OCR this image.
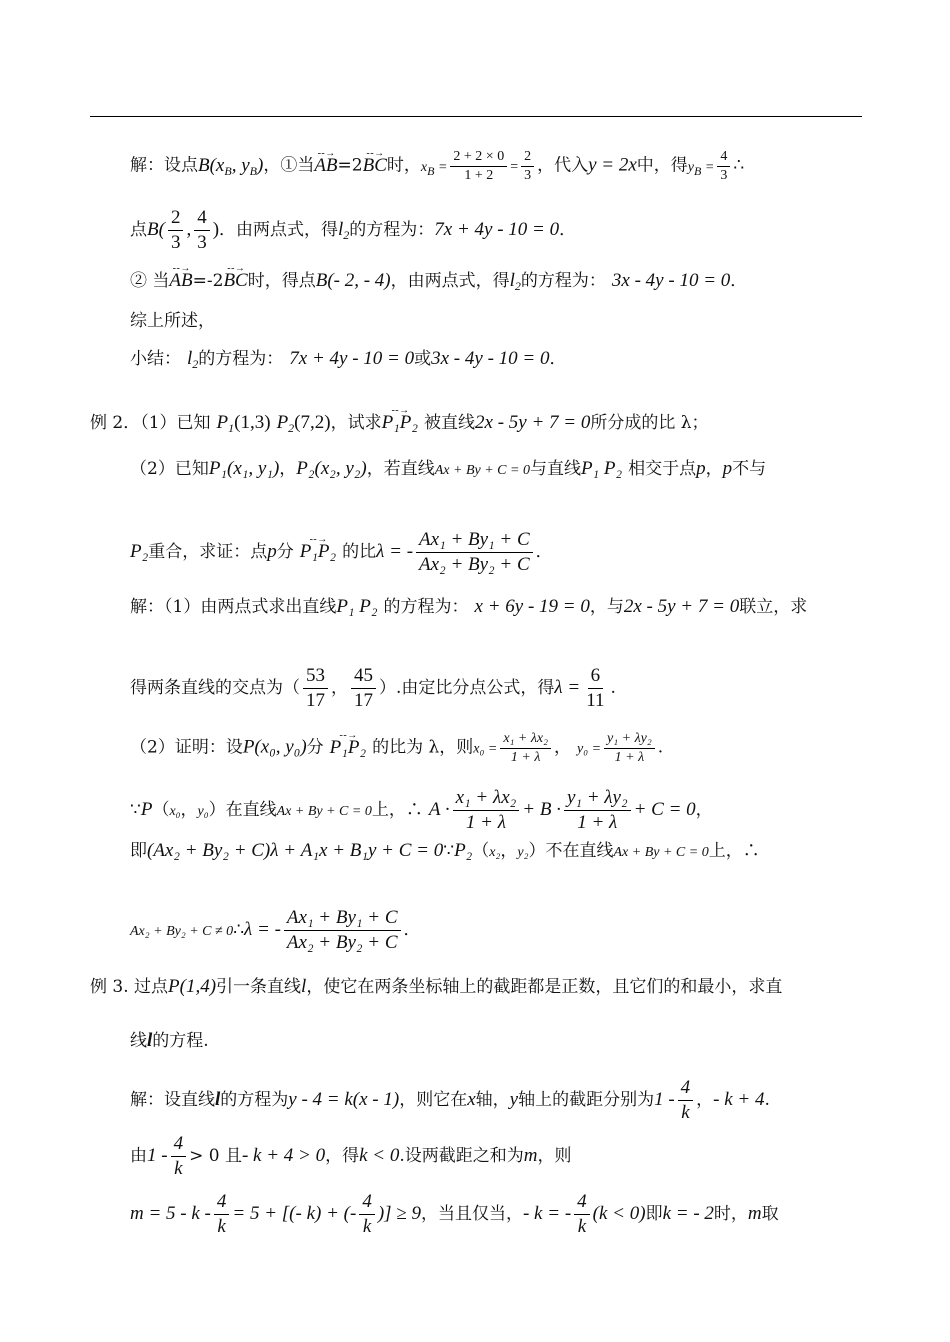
解：设点$B(x_B$, $y_B$)，①当- - → AB=2- - → BC时，$x_B = \frac{2 + 2 \times 0}{1 + 2} = \frac{2}{3}$ ，代入y = 2x中，得$y_B = \frac{4}{3}$ ∴
点$B( \frac{2}{3}$ , $\frac{4}{3}$ )．由两点式，得$l_2$的方程为：7x + 4y - 10 = 0．
② 当- - → AB=-2- - → BC时，得点B(- 2, - 4)，由两点式，得$l_2$的方程为： 3x - 4y - 10 = 0．
综上所述，
小结： $l_2$的方程为： 7x + 4y - 10 = 0或3x - 4y - 10 = 0．
例 2．（1）已知 $P_1(1,3)$ $P_2(7,2)$，试求- - → P₁P₂ 被直线2x - 5y + 7 = 0所分成的比 λ；
（2）已知P₁(x₁, y₁)，P₂(x₂, y₂)，若直线Ax + By + C = 0与直线P₁ P₂ 相交于点p，p不与
P₂重合，求证：点p分 - - → P₁P₂ 的比λ = - $\frac{\text{Ax₁ + By₁ + C}}{\text{Ax₂ + By₂ + C}}$ ．
解：（1）由两点式求出直线P₁ P₂ 的方程为： x + 6y - 19 = 0，与2x - 5y + 7 = 0联立，求
得两条直线的交点为（ $\frac{53}{17}$ ， $\frac{45}{17}$ ）.由定比分点公式，得$\lambda = \frac{6}{11}$ .
（2）证明：设P(x₀, y₀)分 - - → P₁P₂ 的比为 λ，则$x_0 = \frac{\text{x₁ + λx₂}}{1 + \lambda}$ ， $y_0 = \frac{\text{y₁ + λy₂}}{1 + \lambda}$ .
∵P（x₀，y₀）在直线Ax + By + C = 0上，∴ $A \cdot \frac{\text{x₁ + λx₂}}{1 + \lambda} + B \cdot \frac{\text{y₁ + λy₂}}{1 + \lambda} + C = 0$，
即(Ax₂ + By₂ + C)λ + A₁x + B₁y + C = 0∵P₂（x₂，y₂）不在直线Ax + By + C = 0上，∴
Ax₂ + By₂ + C ≠ 0∴λ = - $\frac{\text{Ax₁ + By₁ + C}}{\text{Ax₂ + By₂ + C}}$ ．
例 3. 过点P(1,4)引一条直线l，使它在两条坐标轴上的截距都是正数，且它们的和最小，求直
线l的方程.
解：设直线l的方程为y - 4 = k(x - 1)，则它在x轴，y轴上的截距分别为$1 - \frac{4}{k}$ ，- k + 4.
由$1 - \frac{4}{k} > 0$ 且- k + 4 > 0，得k < 0.设两截距之和为m，则
$m = 5 - k - \frac{4}{k} = 5$ + [(- k) + (- $\frac{4}{k}$ )] ≥ 9，当且仅当，- k = - $\frac{4}{k} (k < 0)$即k = - 2时，m取
